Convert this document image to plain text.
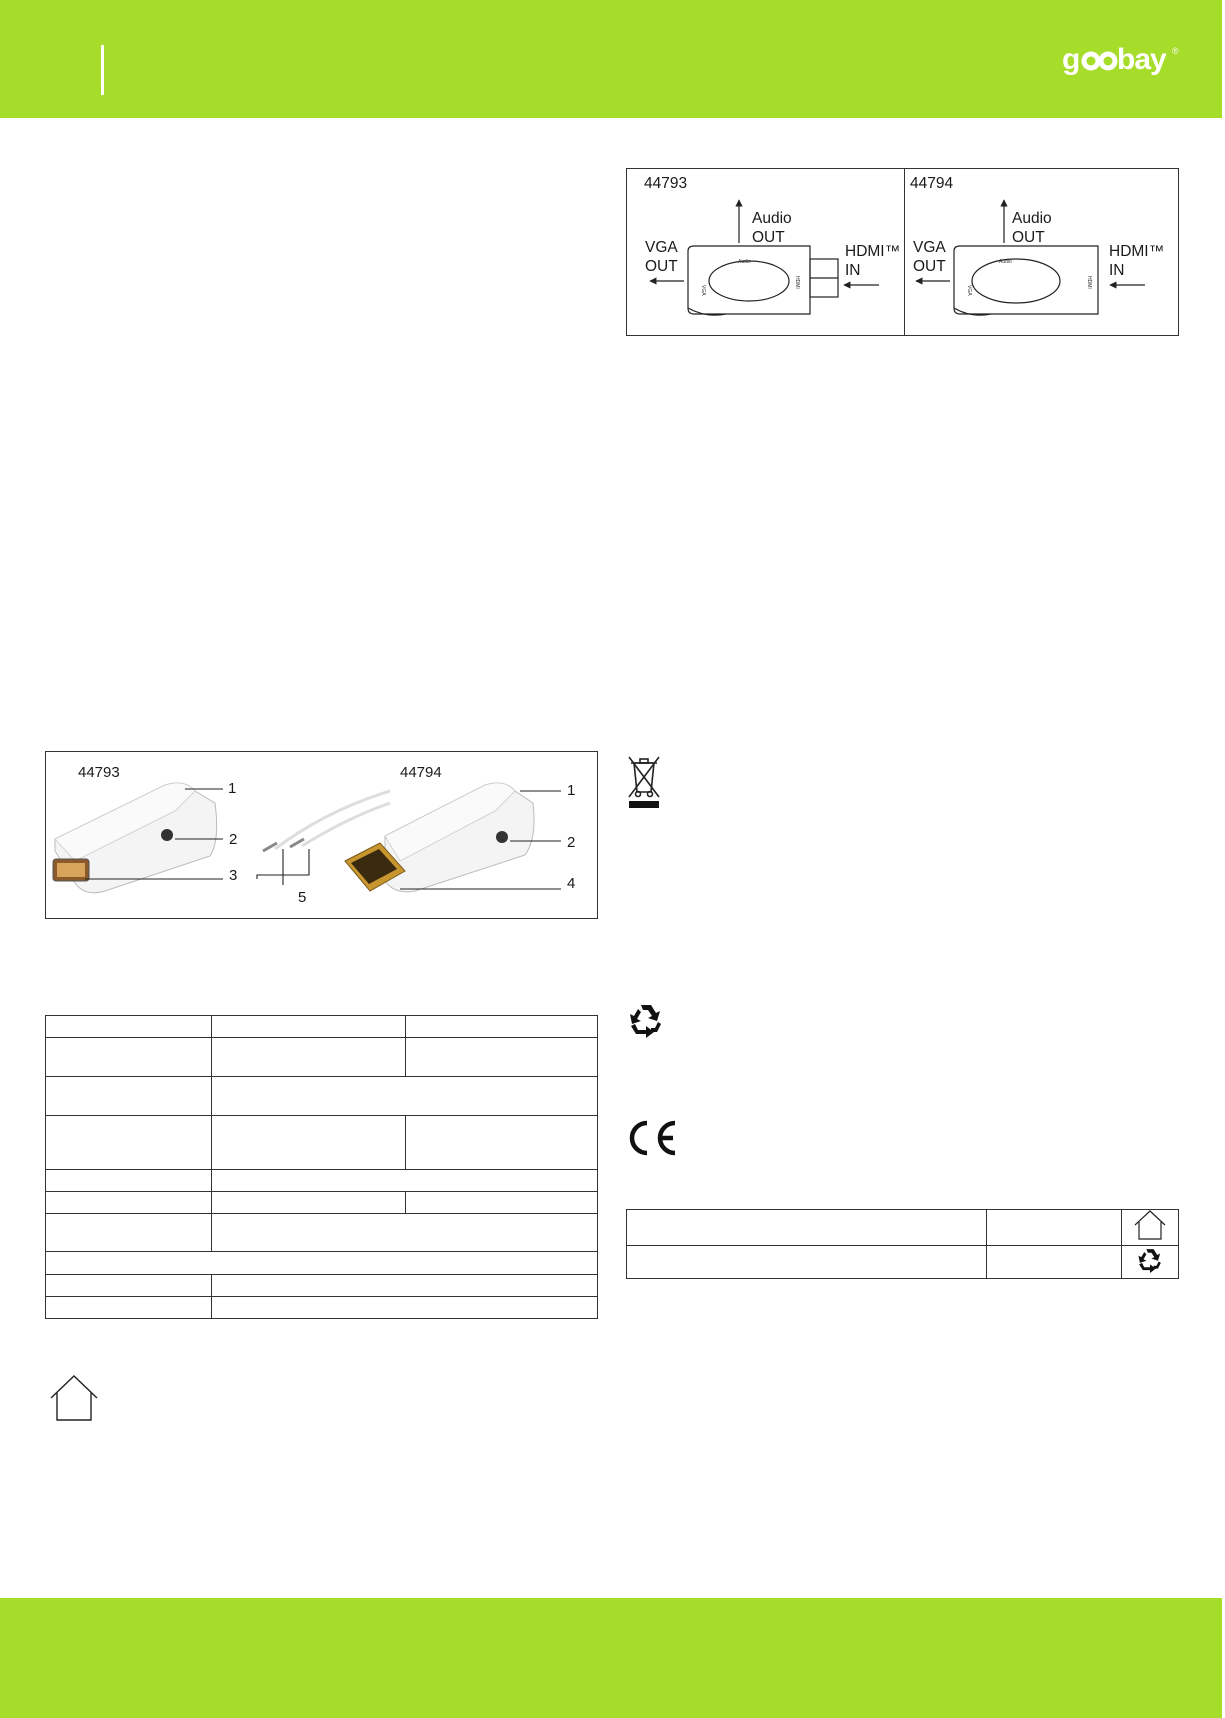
g bay ®
44793
Audio
OUT
VGA
OUT
HDMI™
IN
44794
Audio
OUT
VGA
OUT
HDMI™
IN
VGA
Audio
HDMI
VGA
Audio
HDMI
44793	44794
1
2
3
5
1
2
4
